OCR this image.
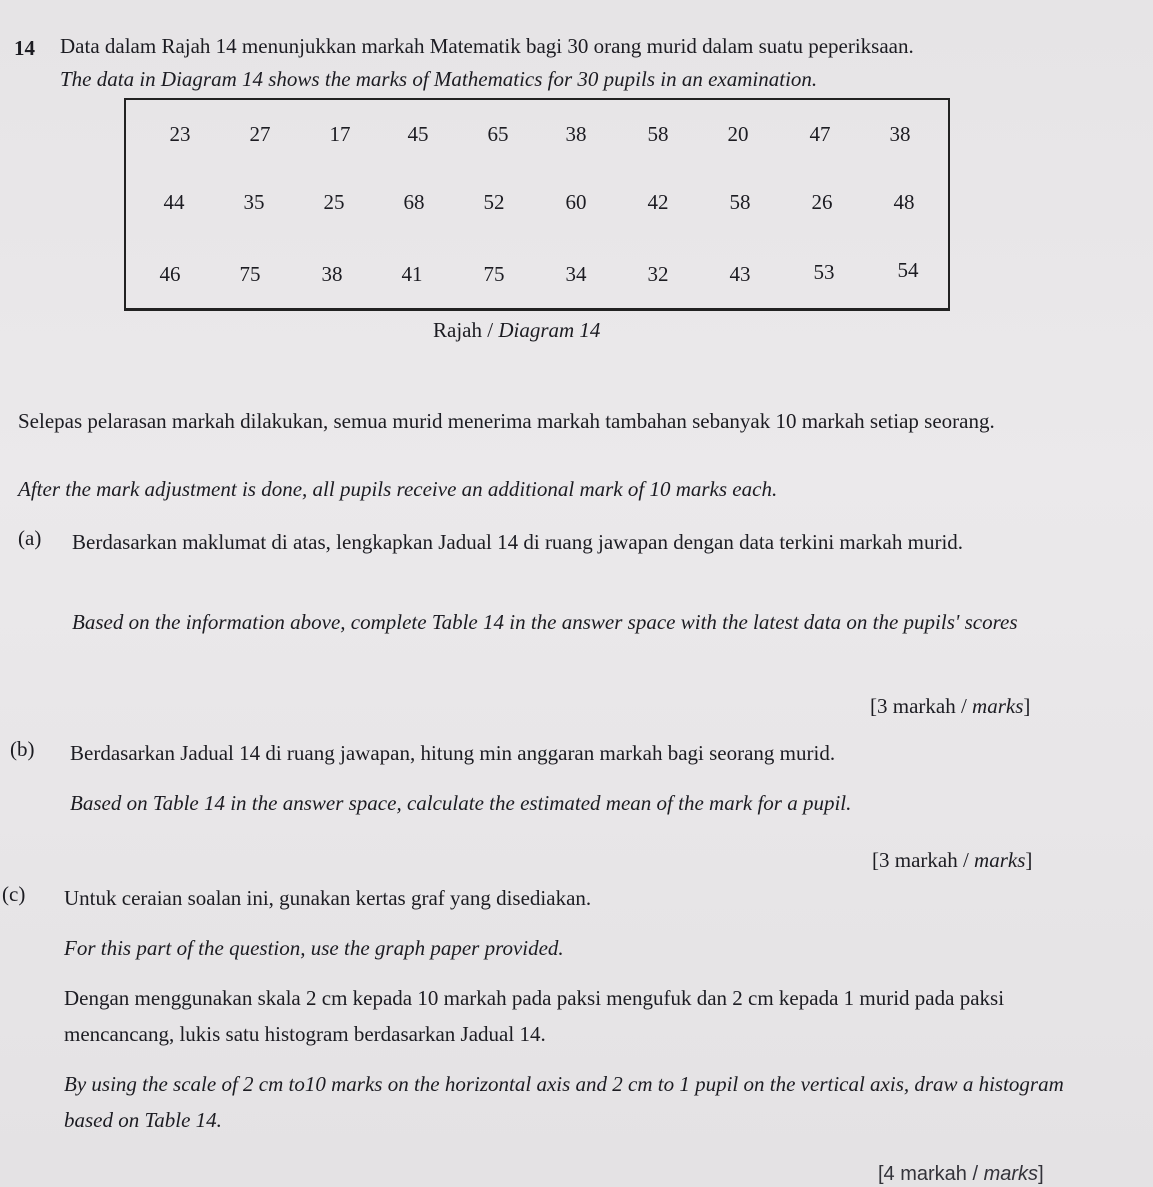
14 Data dalam Rajah 14 menunjukkan markah Matematik bagi 30 orang murid dalam suatu peperiksaan.
The data in Diagram 14 shows the marks of Mathematics for 30 pupils in an examination.
23	27	17	45	65	38	58	20	47	38
44	35	25	68	52	60	42	58	26	48
46	75	38	41	75	34	32	43	53	54
Rajah / Diagram 14
Selepas pelarasan markah dilakukan, semua murid menerima markah tambahan sebanyak 10 markah setiap seorang.
After the mark adjustment is done, all pupils receive an additional mark of 10 marks each.
(a) Berdasarkan maklumat di atas, lengkapkan Jadual 14 di ruang jawapan dengan data terkini markah murid.
Based on the information above, complete Table 14 in the answer space with the latest data on the pupils' scores
[3 markah / marks]
(b) Berdasarkan Jadual 14 di ruang jawapan, hitung min anggaran markah bagi seorang murid.
Based on Table 14 in the answer space, calculate the estimated mean of the mark for a pupil.
[3 markah / marks]
(c) Untuk ceraian soalan ini, gunakan kertas graf yang disediakan.
For this part of the question, use the graph paper provided.
Dengan menggunakan skala 2 cm kepada 10 markah pada paksi mengufuk dan 2 cm kepada 1 murid pada paksi mencancang, lukis satu histogram berdasarkan Jadual 14.
By using the scale of 2 cm to10 marks on the horizontal axis and 2 cm to 1 pupil on the vertical axis, draw a histogram based on Table 14.
[4 markah / marks]
